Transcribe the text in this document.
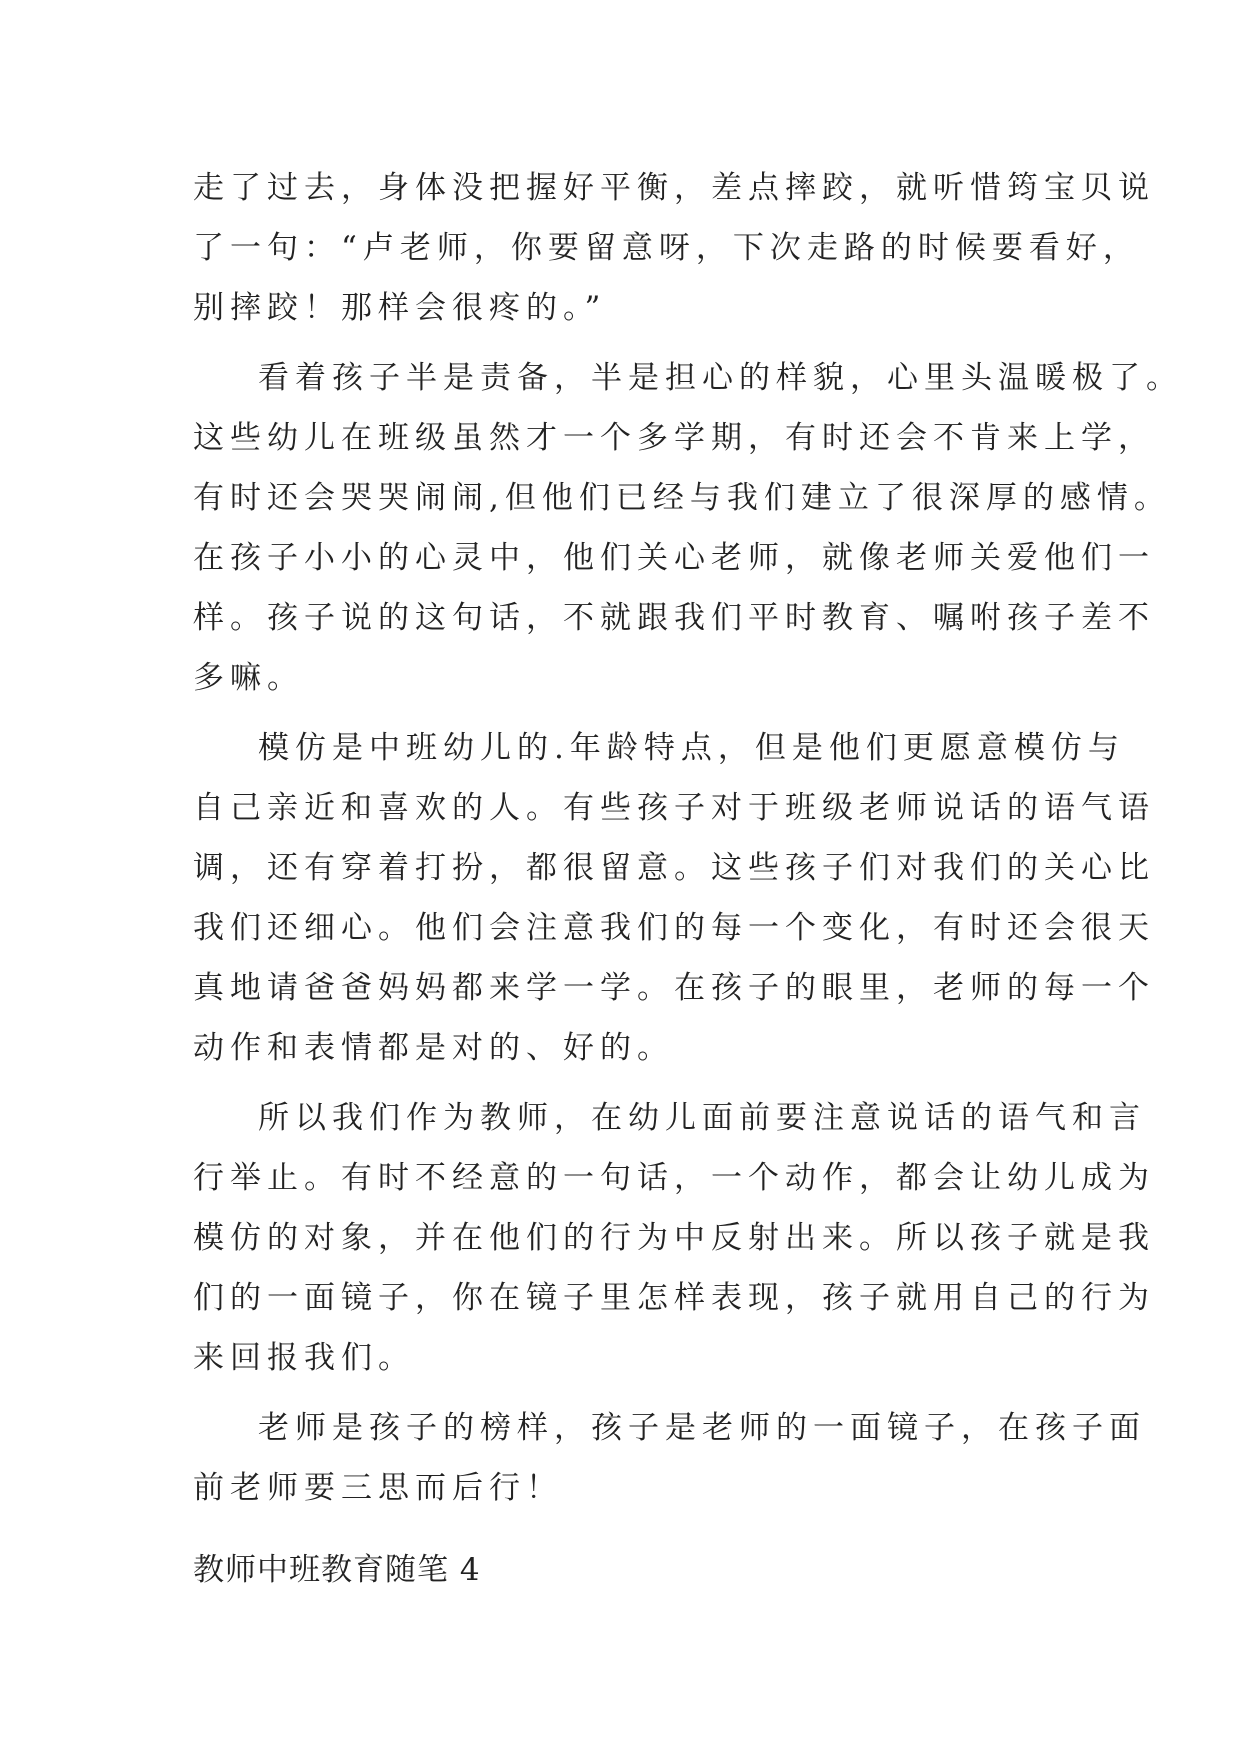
走了过去，身体没把握好平衡，差点摔跤，就听惜筠宝贝说
了一句：“卢老师，你要留意呀，下次走路的时候要看好，
别摔跤！那样会很疼的。”
看着孩子半是责备，半是担心的样貌，心里头温暖极了。
这些幼儿在班级虽然才一个多学期，有时还会不肯来上学，
有时还会哭哭闹闹,但他们已经与我们建立了很深厚的感情。
在孩子小小的心灵中，他们关心老师，就像老师关爱他们一
样。孩子说的这句话，不就跟我们平时教育、嘱咐孩子差不
多嘛。
模仿是中班幼儿的.年龄特点，但是他们更愿意模仿与
自己亲近和喜欢的人。有些孩子对于班级老师说话的语气语
调，还有穿着打扮，都很留意。这些孩子们对我们的关心比
我们还细心。他们会注意我们的每一个变化，有时还会很天
真地请爸爸妈妈都来学一学。在孩子的眼里，老师的每一个
动作和表情都是对的、好的。
所以我们作为教师，在幼儿面前要注意说话的语气和言
行举止。有时不经意的一句话，一个动作，都会让幼儿成为
模仿的对象，并在他们的行为中反射出来。所以孩子就是我
们的一面镜子，你在镜子里怎样表现，孩子就用自己的行为
来回报我们。
老师是孩子的榜样，孩子是老师的一面镜子，在孩子面
前老师要三思而后行！
教师中班教育随笔 4
